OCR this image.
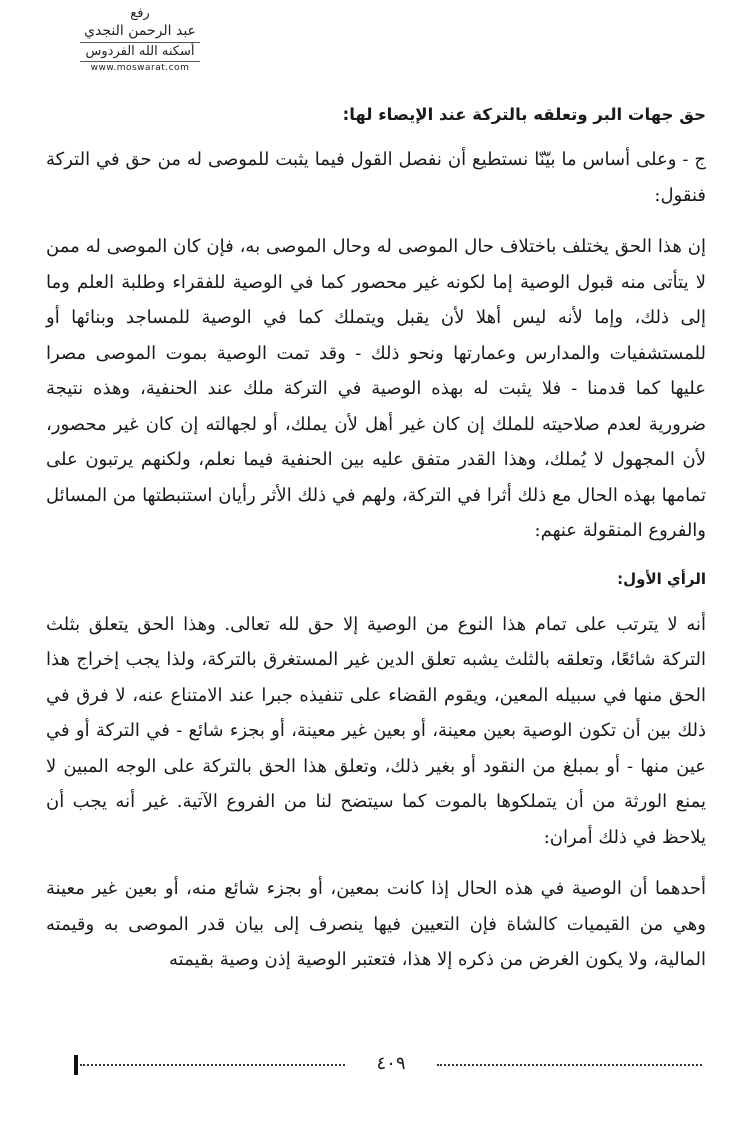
رفع
عبد الرحمن النجدي
أسكنه الله الفردوس
www.moswarat.com
حق جهات البر وتعلقه بالتركة عند الإيصاء لها:

ج - وعلى أساس ما بيّنّا نستطيع أن نفصل القول فيما يثبت للموصى له من حق في التركة فنقول:

إن هذا الحق يختلف باختلاف حال الموصى له وحال الموصى به، فإن كان الموصى له ممن لا يتأتى منه قبول الوصية إما لكونه غير محصور كما في الوصية للفقراء وطلبة العلم وما إلى ذلك، وإما لأنه ليس أهلا لأن يقبل ويتملك كما في الوصية للمساجد وبنائها أو للمستشفيات والمدارس وعمارتها ونحو ذلك - وقد تمت الوصية بموت الموصى مصرا عليها كما قدمنا - فلا يثبت له بهذه الوصية في التركة ملك عند الحنفية، وهذه نتيجة ضرورية لعدم صلاحيته للملك إن كان غير أهل لأن يملك، أو لجهالته إن كان غير محصور، لأن المجهول لا يُملك، وهذا القدر متفق عليه بين الحنفية فيما نعلم، ولكنهم يرتبون على تمامها بهذه الحال مع ذلك أثرا في التركة، ولهم في ذلك الأثر رأيان استنبطتها من المسائل والفروع المنقولة عنهم:

الرأي الأول:

أنه لا يترتب على تمام هذا النوع من الوصية إلا حق لله تعالى. وهذا الحق يتعلق بثلث التركة شائعًا، وتعلقه بالثلث يشبه تعلق الدين غير المستغرق بالتركة، ولذا يجب إخراج هذا الحق منها في سبيله المعين، ويقوم القضاء على تنفيذه جبرا عند الامتناع عنه، لا فرق في ذلك بين أن تكون الوصية بعين معينة، أو بعين غير معينة، أو بجزء شائع - في التركة أو في عين منها - أو بمبلغ من النقود أو بغير ذلك، وتعلق هذا الحق بالتركة على الوجه المبين لا يمنع الورثة من أن يتملكوها بالموت كما سيتضح لنا من الفروع الآتية. غير أنه يجب أن يلاحظ في ذلك أمران:

أحدهما أن الوصية في هذه الحال إذا كانت بمعين، أو بجزء شائع منه، أو بعين غير معينة وهي من القيميات كالشاة فإن التعيين فيها ينصرف إلى بيان قدر الموصى به وقيمته المالية، ولا يكون الغرض من ذكره إلا هذا، فتعتبر الوصية إذن وصية بقيمته

٤٠٩
